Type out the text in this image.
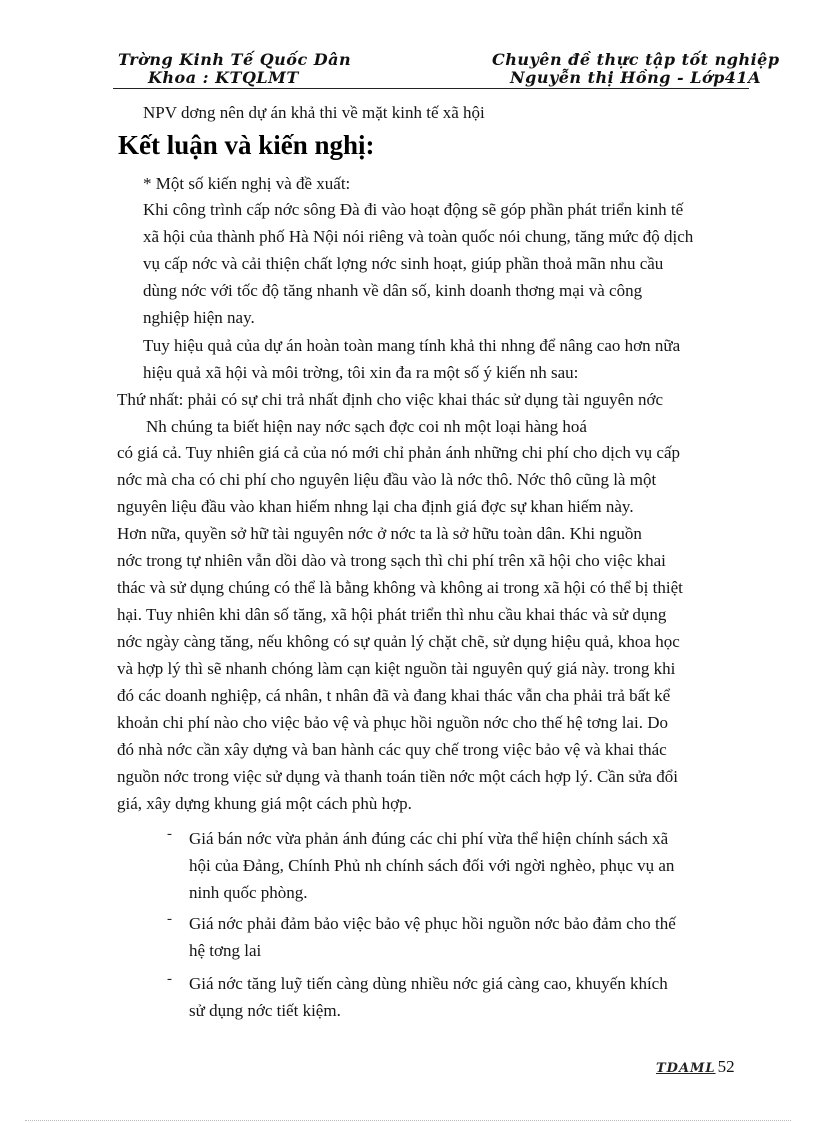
Trờng Kinh Tế Quốc Dân
Khoa : KTQLMT
Chuyên đề thực tập tốt nghiệp
Nguyễn thị Hồng - Lớp41A
NPV dơng nên dự án khả thi về mặt kinh tế xã hội
Kết luận và kiến nghị:
* Một số kiến nghị và đề xuất:
Khi công trình cấp nớc sông Đà đi vào hoạt động sẽ góp phần phát triển kinh tế
xã hội của thành phố Hà Nội nói riêng và toàn quốc nói chung, tăng mức độ dịch
vụ cấp nớc và cải thiện chất lợng nớc sinh hoạt, giúp phần thoả mãn nhu cầu
dùng nớc với tốc độ tăng nhanh về dân số, kinh doanh thơng mại và công
nghiệp hiện nay.
Tuy hiệu quả của dự án hoàn toàn mang tính khả thi nhng để nâng cao hơn nữa
hiệu quả xã hội và môi trờng, tôi xin đa ra một số ý kiến nh sau:
Thứ nhất: phải có sự chi trả nhất định cho việc khai thác sử dụng tài nguyên nớc
Nh chúng ta biết hiện nay nớc sạch đợc coi nh một loại hàng hoá
có giá cả. Tuy nhiên giá cả của nó mới chỉ phản ánh những chi phí cho dịch vụ cấp
nớc mà cha có chi phí cho nguyên liệu đầu vào là nớc thô. Nớc thô cũng là một
nguyên liệu đầu vào khan hiếm nhng lại cha định giá đợc sự khan hiếm này.
Hơn nữa, quyền sở hữ tài nguyên nớc ở nớc ta là sở hữu toàn dân. Khi nguồn
nớc trong tự nhiên vẫn dồi dào và trong sạch thì chi phí trên xã hội cho việc khai
thác và sử dụng chúng có thể là bằng không và không ai trong xã hội có thể bị thiệt
hại. Tuy nhiên khi dân số tăng, xã hội phát triển thì nhu cầu khai thác và sử dụng
nớc ngày càng tăng, nếu không có sự quản lý chặt chẽ, sử dụng hiệu quả, khoa học
và hợp lý thì sẽ nhanh chóng làm cạn kiệt nguồn tài nguyên quý giá này. trong khi
đó các doanh nghiệp, cá nhân, t nhân đã và đang khai thác vẫn cha phải trả bất kể
khoản chi phí nào cho việc bảo vệ và phục hồi nguồn nớc cho thế hệ tơng lai. Do
đó nhà nớc cần xây dựng và ban hành các quy chế trong việc bảo vệ và khai thác
nguồn nớc trong việc sử dụng và thanh toán tiền nớc một cách hợp lý. Cần sửa đổi
giá, xây dựng khung giá một cách phù hợp.
- Giá bán nớc vừa phản ánh đúng các chi phí vừa thể hiện chính sách xã
hội của Đảng, Chính Phủ nh chính sách đối với ngời nghèo, phục vụ an
ninh quốc phòng.
- Giá nớc phải đảm bảo việc bảo vệ phục hồi nguồn nớc bảo đảm cho thế
hệ tơng lai
- Giá nớc tăng luỹ tiến càng dùng nhiều nớc giá càng cao, khuyến khích
sử dụng nớc tiết kiệm.
TDAML 52
